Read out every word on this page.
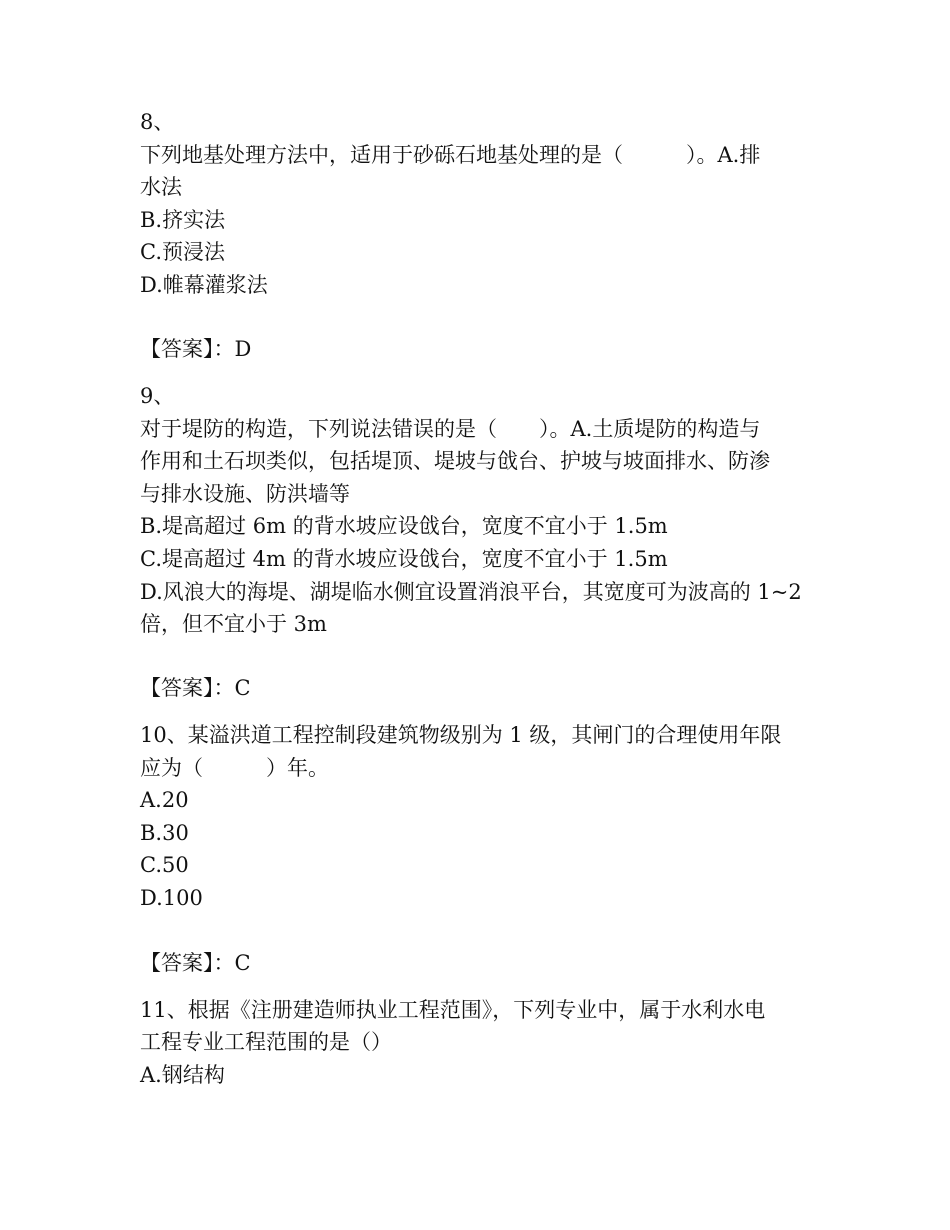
8、
下列地基处理方法中，适用于砂砾石地基处理的是（　　　）。A.排
水法
B.挤实法
C.预浸法
D.帷幕灌浆法
【答案】：D
9、
对于堤防的构造，下列说法错误的是（　　）。A.土质堤防的构造与
作用和土石坝类似，包括堤顶、堤坡与戗台、护坡与坡面排水、防渗
与排水设施、防洪墙等
B.堤高超过 6m 的背水坡应设戗台，宽度不宜小于 1.5m
C.堤高超过 4m 的背水坡应设戗台，宽度不宜小于 1.5m
D.风浪大的海堤、湖堤临水侧宜设置消浪平台，其宽度可为波高的 1~2
倍，但不宜小于 3m
【答案】：C
10、某溢洪道工程控制段建筑物级别为 1 级，其闸门的合理使用年限
应为（　　　）年。
A.20
B.30
C.50
D.100
【答案】：C
11、根据《注册建造师执业工程范围》，下列专业中，属于水利水电
工程专业工程范围的是（）
A.钢结构
